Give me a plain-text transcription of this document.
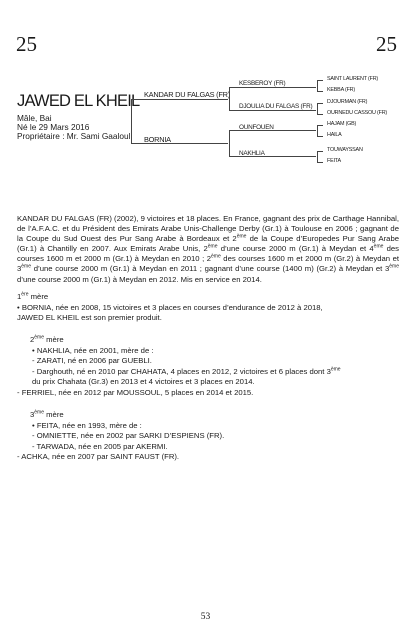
25	25
JAWED EL KHEIL
Mâle, Bai
Né le 29 Mars 2016
Propriétaire : Mr. Sami Gaaloul
KANDAR DU FALGAS (FR)
BORNIA
KESBEROY (FR)
DJOULIA DU FALGAS (FR)
OUNFOUEN
NAKHLIA
SAINT LAURENT (FR)
KEBBA (FR)
DJOURMAN (FR)
OURNEDU CASSOU (FR)
HAJAM (GB)
HAILA
TOUWAYSSAN
FEITA
KANDAR DU FALGAS (FR) (2002), 9 victoires et 18 places. En France, gagnant des prix de Carthage Hannibal, de l’A.F.A.C. et du Président des Emirats Arabe Unis-Challenge Derby (Gr.1) à Toulouse en 2006 ; gagnant de la Coupe du Sud Ouest des Pur Sang Arabe à Bordeaux et 2ème de la Coupe d’Europedes Pur Sang Arabe (Gr.1) à Chantilly en 2007. Aux Emirats Arabe Unis, 2ème d’une course 2000 m (Gr.1) à Meydan et 4ème des courses 1600 m et 2000 m (Gr.1) à Meydan en 2010 ; 2ème des courses 1600 m et 2000 m (Gr.2) à Meydan et 3ème d’une course 2000 m (Gr.1) à Meydan en 2011 ; gagnant d’une course (1400 m) (Gr.2) à Meydan et 3ème d’une course 2000 m (Gr.1) à Meydan en 2012. Mis en service en 2014.
1ère mère
• BORNIA, née en 2008, 15 victoires et 3 places en courses d’endurance de 2012 à 2018,
JAWED EL KHEIL est son premier produit.
2ème mère
• NAKHLIA, née en 2001, mère de :
- ZARATI, né en 2006 par GUEBLI.
- Darghouth, né en 2010 par CHAHATA, 4 places en 2012, 2 victoires et 6 places dont 3ème
du prix Chahata (Gr.3) en 2013 et 4 victoires et 3 places en 2014.
- FERRIEL, née en 2012 par MOUSSOUL, 5 places en 2014 et 2015.
3ème mère
• FEITA, née en 1993, mère de :
- OMNIETTE, née en 2002 par SARKI D’ESPIENS (FR).
- TARWADA, née en 2005 par AKERMI.
- ACHKA, née en 2007 par SAINT FAUST (FR).
53
